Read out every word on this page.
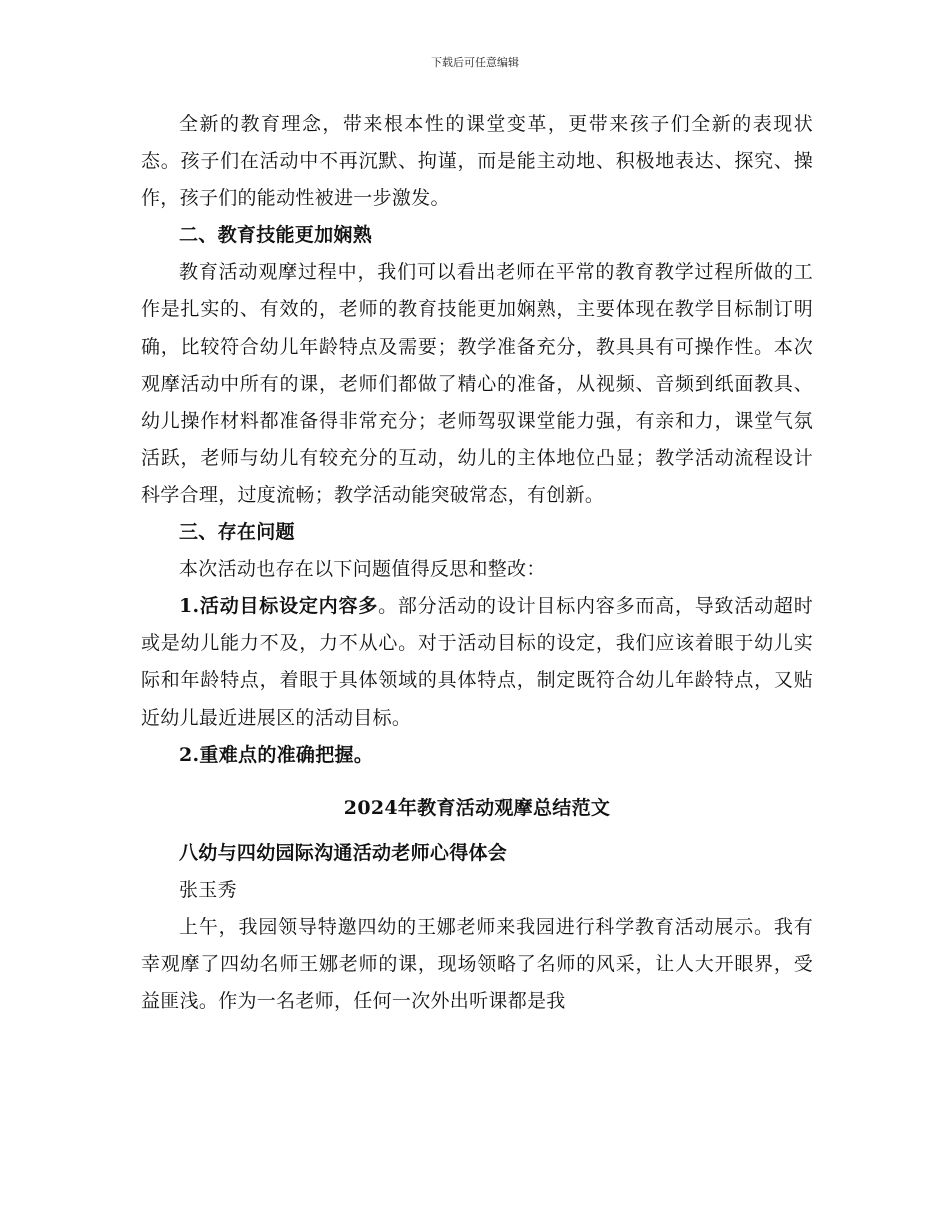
下载后可任意编辑

全新的教育理念，带来根本性的课堂变革，更带来孩子们全新的表现状态。孩子们在活动中不再沉默、拘谨，而是能主动地、积极地表达、探究、操作，孩子们的能动性被进一步激发。

二、教育技能更加娴熟

教育活动观摩过程中，我们可以看出老师在平常的教育教学过程所做的工作是扎实的、有效的，老师的教育技能更加娴熟，主要体现在教学目标制订明确，比较符合幼儿年龄特点及需要；教学准备充分，教具具有可操作性。本次观摩活动中所有的课，老师们都做了精心的准备，从视频、音频到纸面教具、幼儿操作材料都准备得非常充分；老师驾驭课堂能力强，有亲和力，课堂气氛活跃，老师与幼儿有较充分的互动，幼儿的主体地位凸显；教学活动流程设计科学合理，过度流畅；教学活动能突破常态，有创新。

三、存在问题

本次活动也存在以下问题值得反思和整改：

1.活动目标设定内容多。部分活动的设计目标内容多而高，导致活动超时或是幼儿能力不及，力不从心。对于活动目标的设定，我们应该着眼于幼儿实际和年龄特点，着眼于具体领域的具体特点，制定既符合幼儿年龄特点，又贴近幼儿最近进展区的活动目标。

2.重难点的准确把握。

2024年教育活动观摩总结范文

八幼与四幼园际沟通活动老师心得体会

张玉秀

上午，我园领导特邀四幼的王娜老师来我园进行科学教育活动展示。我有幸观摩了四幼名师王娜老师的课，现场领略了名师的风采，让人大开眼界，受益匪浅。作为一名老师，任何一次外出听课都是我
